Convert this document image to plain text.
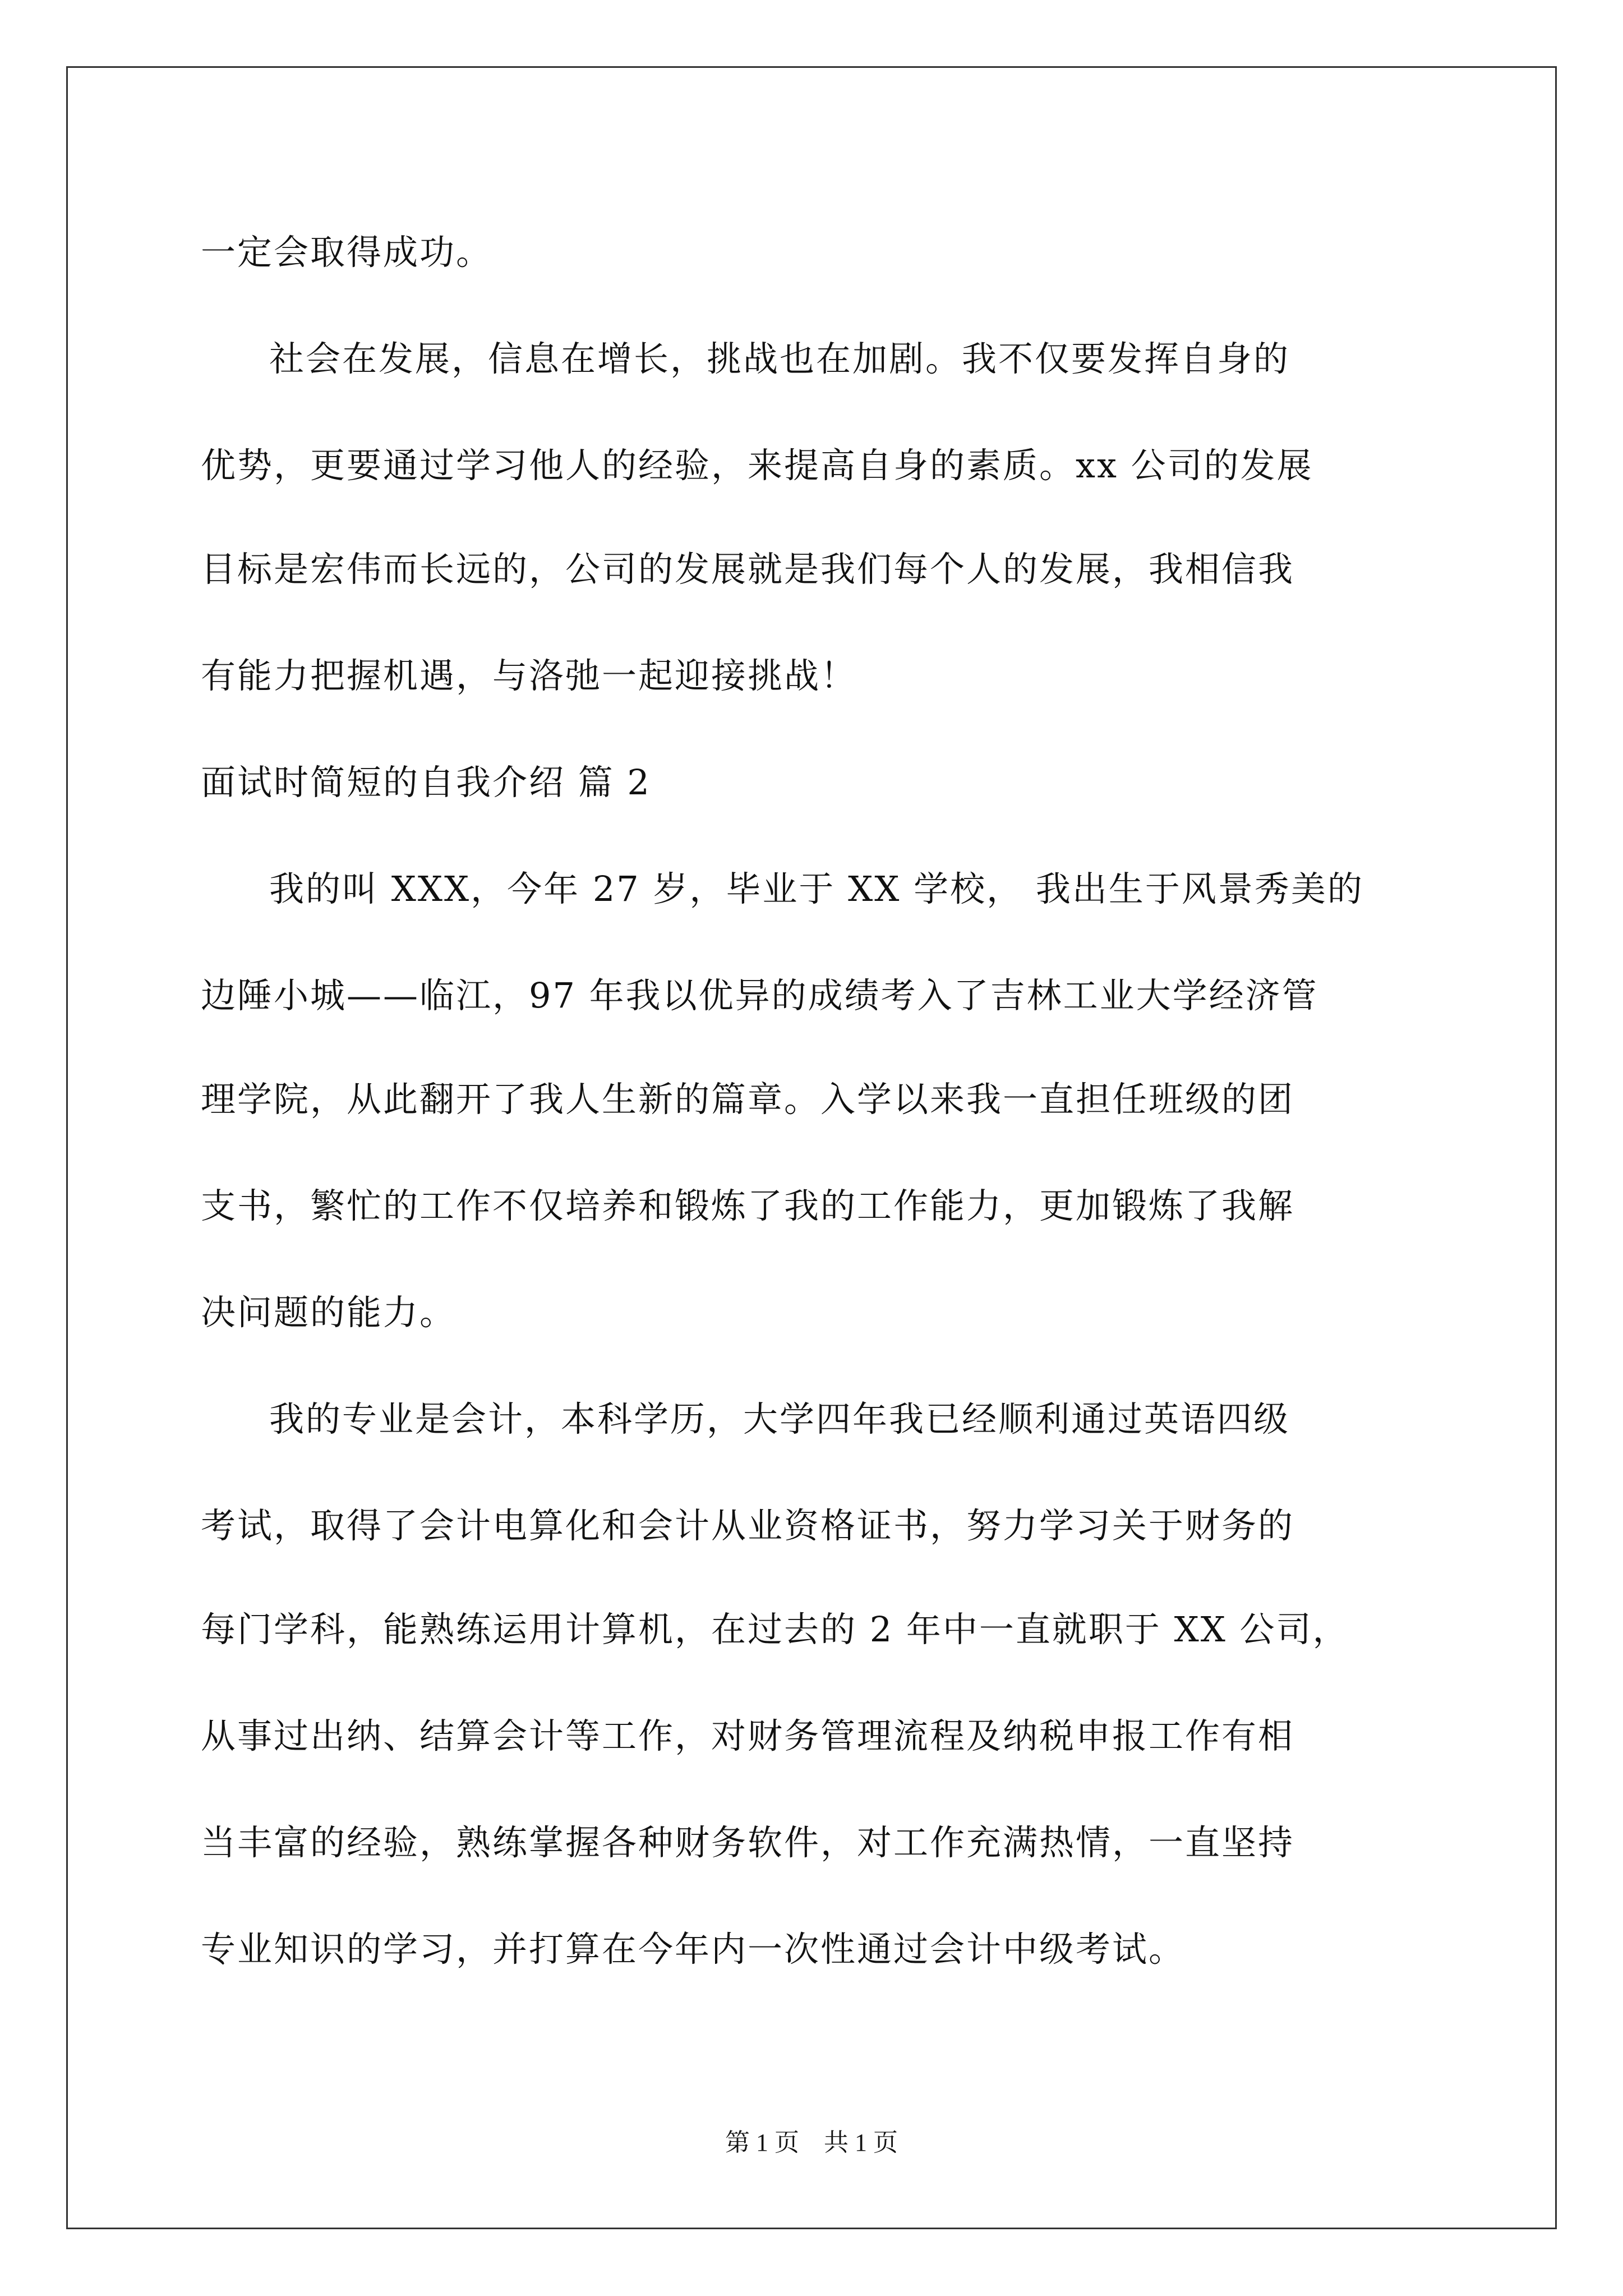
一定会取得成功。
社会在发展，信息在增长，挑战也在加剧。我不仅要发挥自身的
优势，更要通过学习他人的经验，来提高自身的素质。xx 公司的发展
目标是宏伟而长远的，公司的发展就是我们每个人的发展，我相信我
有能力把握机遇，与洛弛一起迎接挑战！
面试时简短的自我介绍 篇 2
我的叫 XXX，今年 27 岁，毕业于 XX 学校， 我出生于风景秀美的
边陲小城——临江，97 年我以优异的成绩考入了吉林工业大学经济管
理学院，从此翻开了我人生新的篇章。入学以来我一直担任班级的团
支书，繁忙的工作不仅培养和锻炼了我的工作能力，更加锻炼了我解
决问题的能力。
我的专业是会计，本科学历，大学四年我已经顺利通过英语四级
考试，取得了会计电算化和会计从业资格证书，努力学习关于财务的
每门学科，能熟练运用计算机，在过去的 2 年中一直就职于 XX 公司，
从事过出纳、结算会计等工作，对财务管理流程及纳税申报工作有相
当丰富的经验，熟练掌握各种财务软件，对工作充满热情，一直坚持
专业知识的学习，并打算在今年内一次性通过会计中级考试。
第 1 页　共 1 页
